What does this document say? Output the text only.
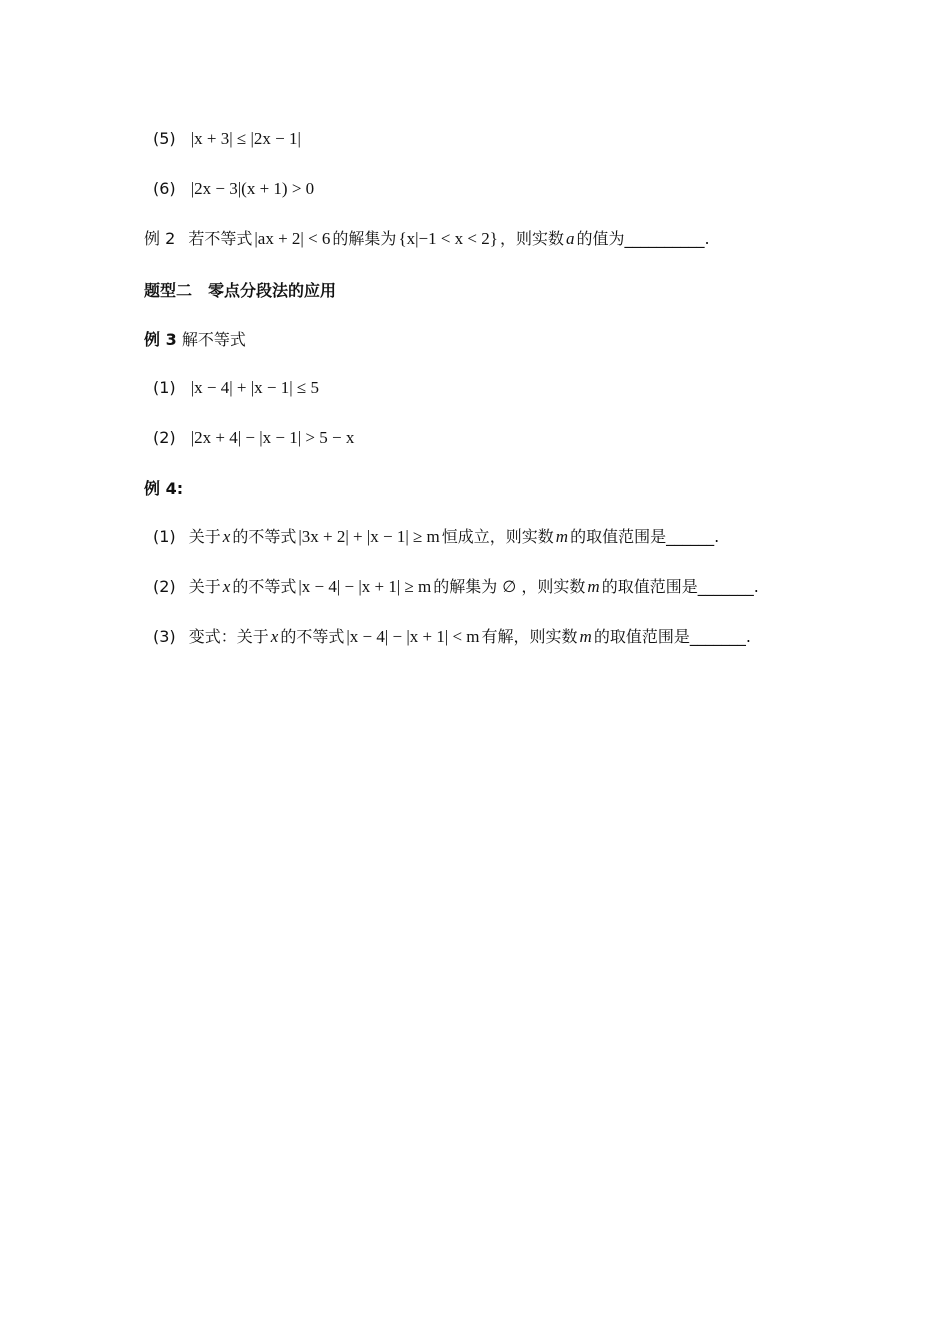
(5) |x + 3| ≤ |2x − 1|
(6) |2x − 3|(x + 1) > 0
例 2 若不等式 |ax + 2| < 6 的解集为 {x|−1 < x < 2} ，则实数 a 的值为__________.
题型二　零点分段法的应用
例 3 解不等式
(1) |x − 4| + |x − 1| ≤ 5
(2) |2x + 4| − |x − 1| > 5 − x
例 4:
(1) 关于 x 的不等式 |3x + 2| + |x − 1| ≥ m 恒成立，则实数 m 的取值范围是______.
(2) 关于 x 的不等式 |x − 4| − |x + 1| ≥ m 的解集为 ∅ ，则实数 m 的取值范围是_______.
(3) 变式：关于 x 的不等式 |x − 4| − |x + 1| < m 有解，则实数 m 的取值范围是_______.
